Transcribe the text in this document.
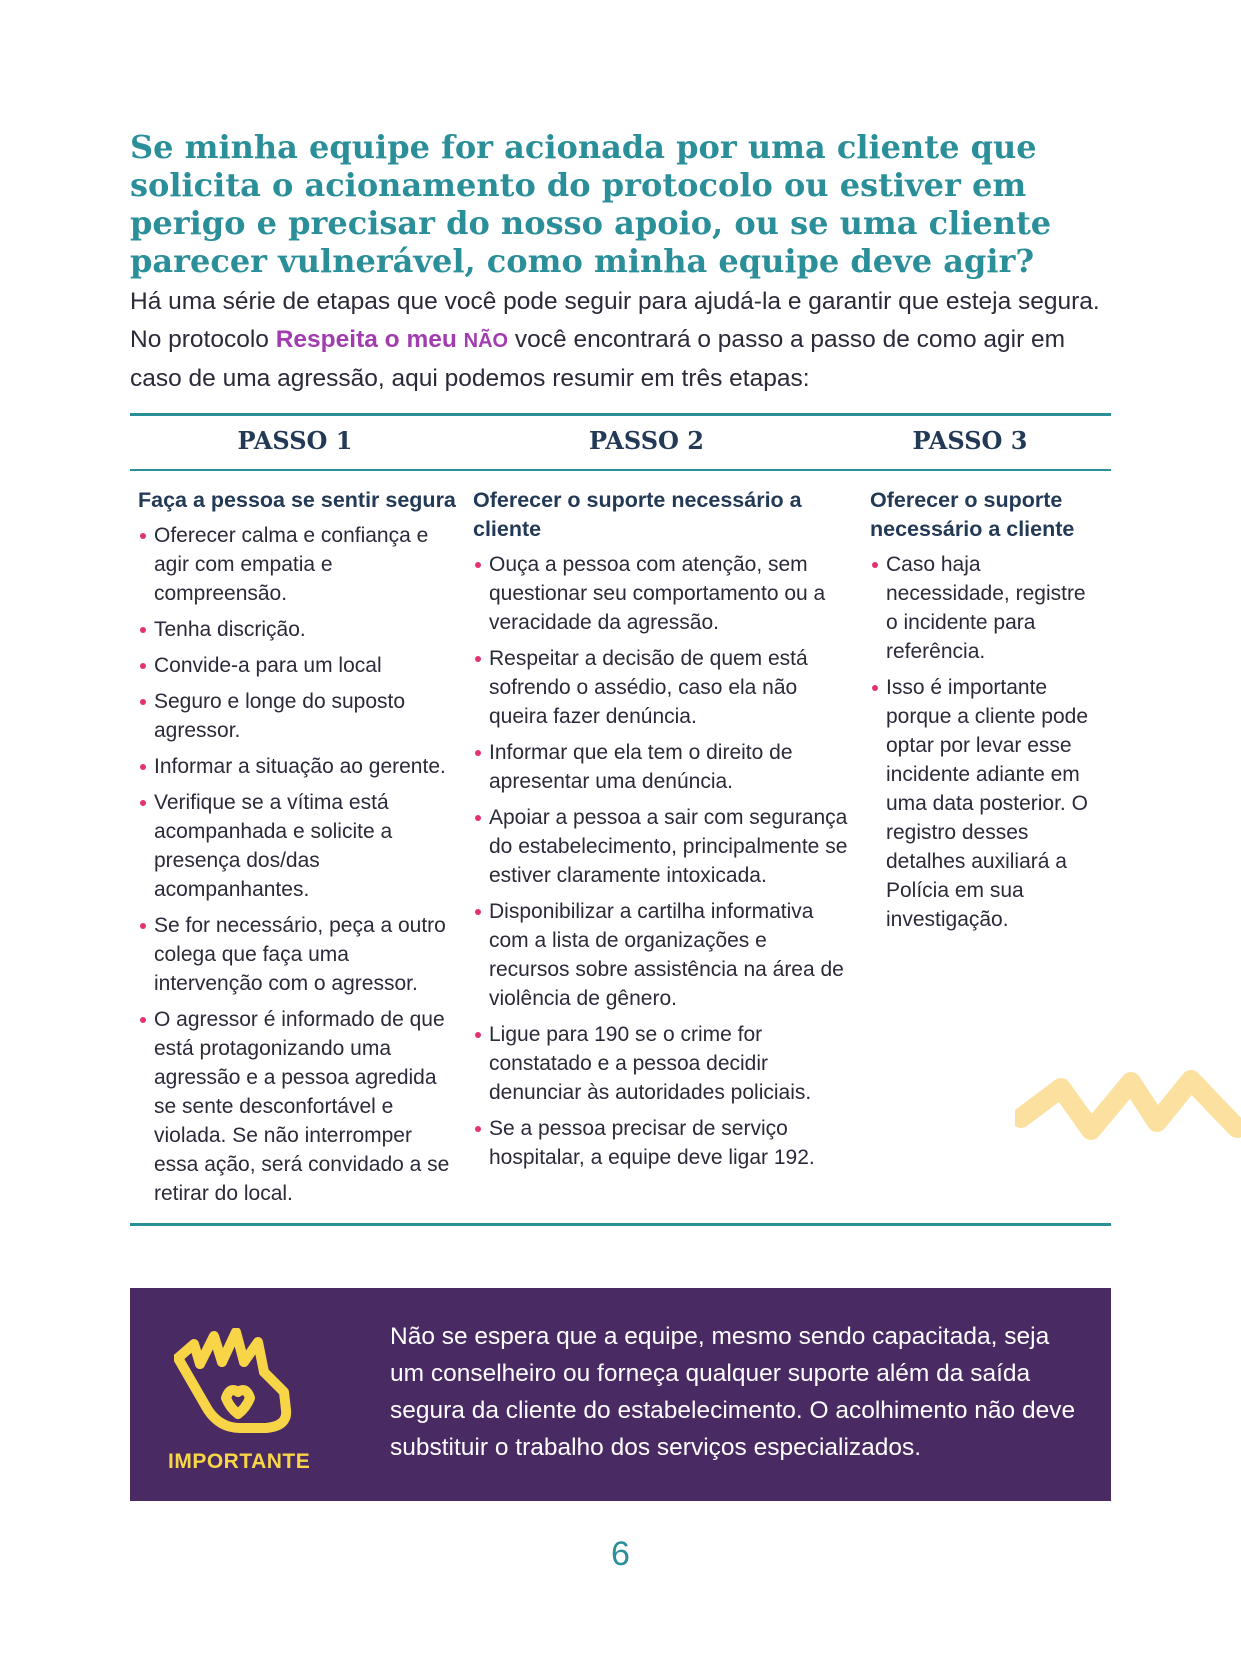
Se minha equipe for acionada por uma cliente que solicita o acionamento do protocolo ou estiver em perigo e precisar do nosso apoio, ou se uma cliente parecer vulnerável, como minha equipe deve agir?

Há uma série de etapas que você pode seguir para ajudá-la e garantir que esteja segura. No protocolo Respeita o meu NÃO você encontrará o passo a passo de como agir em caso de uma agressão, aqui podemos resumir em três etapas:

PASSO 1	PASSO 2	PASSO 3
Faça a pessoa se sentir segura
Oferecer calma e confiança e agir com empatia e compreensão.
Tenha discrição.
Convide-a para um local
Seguro e longe do suposto agressor.
Informar a situação ao gerente.
Verifique se a vítima está acompanhada e solicite a presença dos/das acompanhantes.
Se for necessário, peça a outro colega que faça uma intervenção com o agressor.
O agressor é informado de que está protagonizando uma agressão e a pessoa agredida se sente desconfortável e violada. Se não interromper essa ação, será convidado a se retirar do local.
Oferecer o suporte necessário a cliente
Ouça a pessoa com atenção, sem questionar seu comportamento ou a veracidade da agressão.
Respeitar a decisão de quem está sofrendo o assédio, caso ela não queira fazer denúncia.
Informar que ela tem o direito de apresentar uma denúncia.
Apoiar a pessoa a sair com segurança do estabelecimento, principalmente se estiver claramente intoxicada.
Disponibilizar a cartilha informativa com a lista de organizações e recursos sobre assistência na área de violência de gênero.
Ligue para 190 se o crime for constatado e a pessoa decidir denunciar às autoridades policiais.
Se a pessoa precisar de serviço hospitalar, a equipe deve ligar 192.
Oferecer o suporte necessário a cliente
Caso haja necessidade, registre o incidente para referência.
Isso é importante porque a cliente pode optar por levar esse incidente adiante em uma data posterior. O registro desses detalhes auxiliará a Polícia em sua investigação.
IMPORTANTE

Não se espera que a equipe, mesmo sendo capacitada, seja um conselheiro ou forneça qualquer suporte além da saída segura da cliente do estabelecimento. O acolhimento não deve substituir o trabalho dos serviços especializados.

6
